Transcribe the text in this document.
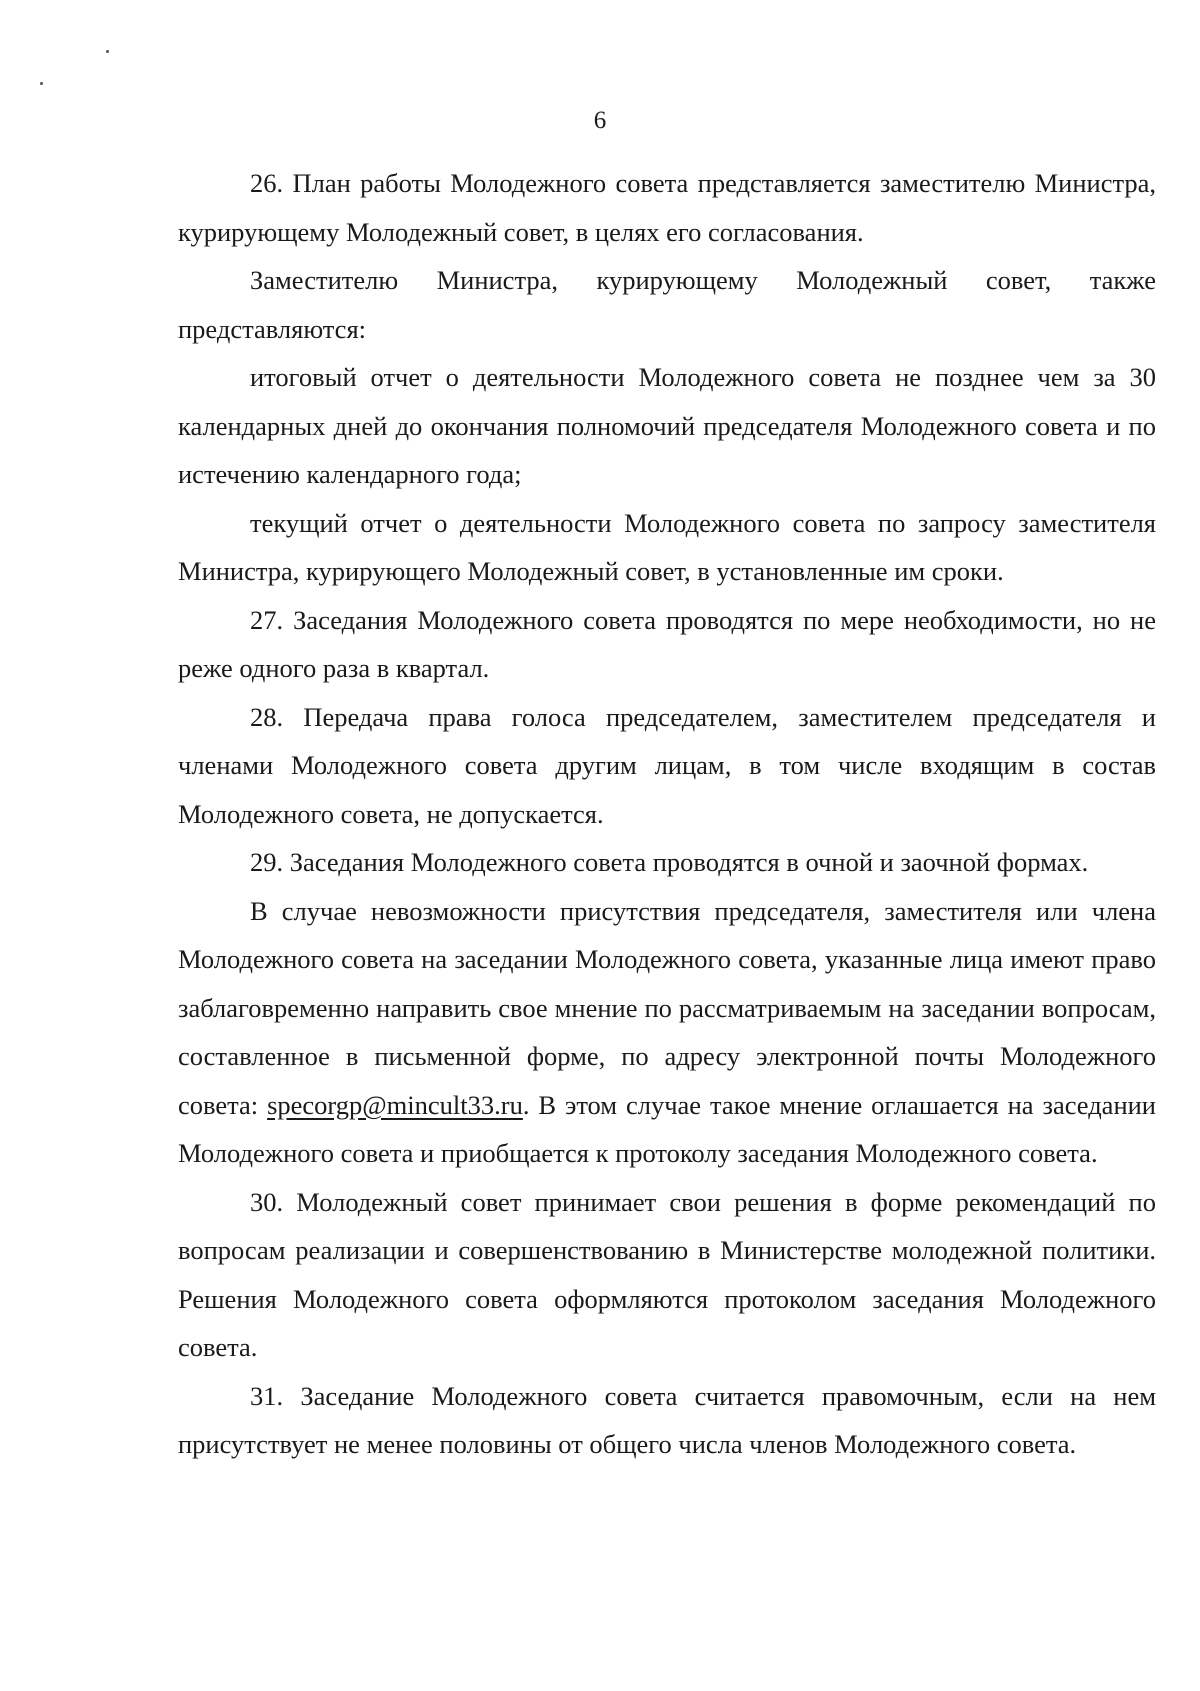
6

26. План работы Молодежного совета представляется заместителю Министра, курирующему Молодежный совет, в целях его согласования.

Заместителю Министра, курирующему Молодежный совет, также представляются:

итоговый отчет о деятельности Молодежного совета не позднее чем за 30 календарных дней до окончания полномочий председателя Молодежного совета и по истечению календарного года;

текущий отчет о деятельности Молодежного совета по запросу заместителя Министра, курирующего Молодежный совет, в установленные им сроки.

27. Заседания Молодежного совета проводятся по мере необходимости, но не реже одного раза в квартал.

28. Передача права голоса председателем, заместителем председателя и членами Молодежного совета другим лицам, в том числе входящим в состав Молодежного совета, не допускается.

29. Заседания Молодежного совета проводятся в очной и заочной формах.

В случае невозможности присутствия председателя, заместителя или члена Молодежного совета на заседании Молодежного совета, указанные лица имеют право заблаговременно направить свое мнение по рассматриваемым на заседании вопросам, составленное в письменной форме, по адресу электронной почты Молодежного совета: specorgp@mincult33.ru. В этом случае такое мнение оглашается на заседании Молодежного совета и приобщается к протоколу заседания Молодежного совета.

30. Молодежный совет принимает свои решения в форме рекомендаций по вопросам реализации и совершенствованию в Министерстве молодежной политики. Решения Молодежного совета оформляются протоколом заседания Молодежного совета.

31. Заседание Молодежного совета считается правомочным, если на нем присутствует не менее половины от общего числа членов Молодежного совета.
